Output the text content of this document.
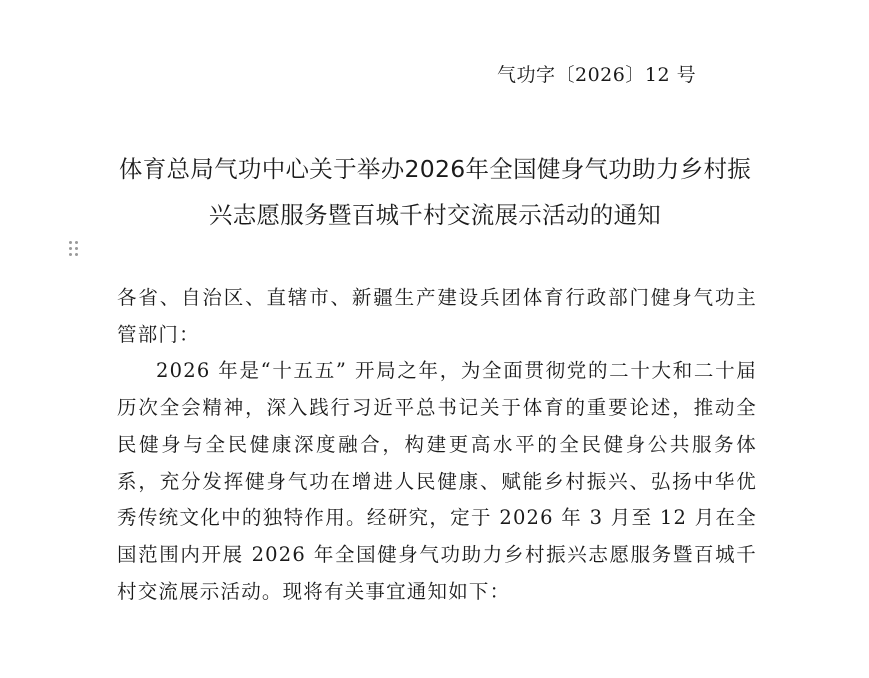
气功字〔2026〕12 号
体育总局气功中心关于举办2026年全国健身气功助力乡村振兴志愿服务暨百城千村交流展示活动的通知

各省、自治区、直辖市、新疆生产建设兵团体育行政部门健身气功主管部门：

2026 年是“十五五” 开局之年，为全面贯彻党的二十大和二十届历次全会精神，深入践行习近平总书记关于体育的重要论述，推动全民健身与全民健康深度融合，构建更高水平的全民健身公共服务体系，充分发挥健身气功在增进人民健康、赋能乡村振兴、弘扬中华优秀传统文化中的独特作用。经研究，定于 2026 年 3 月至 12 月在全国范围内开展 2026 年全国健身气功助力乡村振兴志愿服务暨百城千村交流展示活动。现将有关事宜通知如下：
